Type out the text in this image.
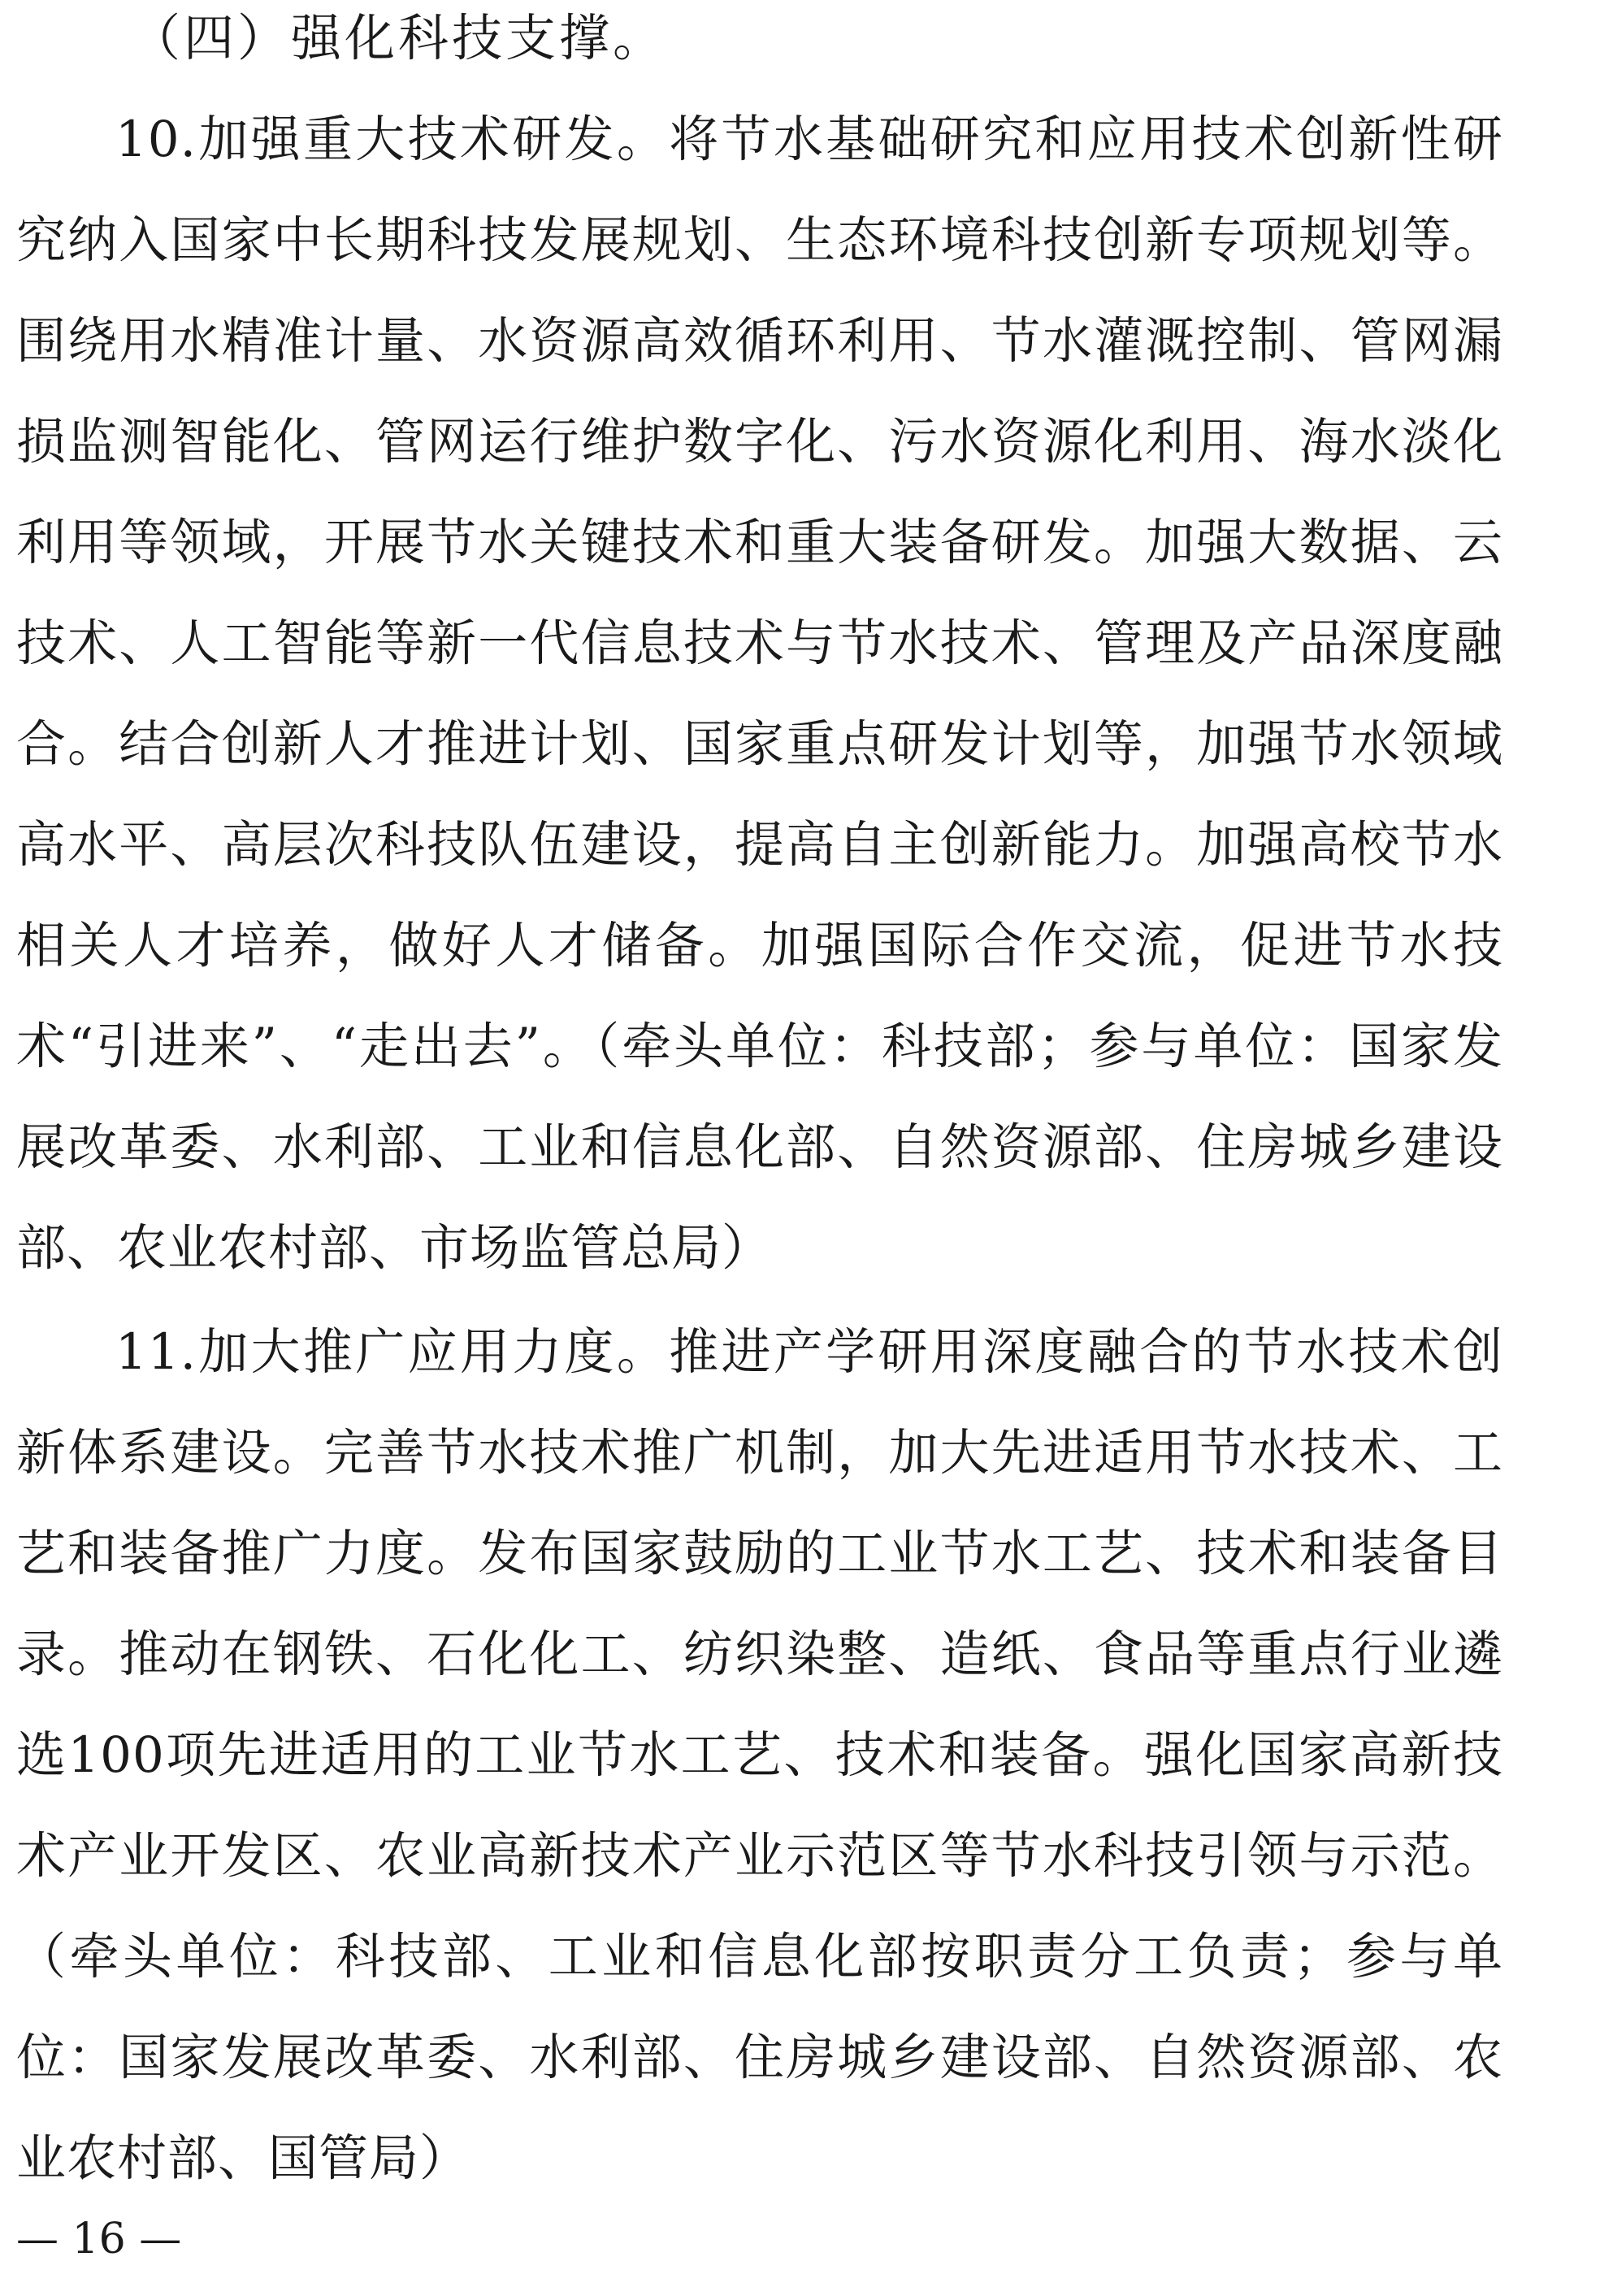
（四）强化科技支撑。

10.加强重大技术研发。将节水基础研究和应用技术创新性研究纳入国家中长期科技发展规划、生态环境科技创新专项规划等。围绕用水精准计量、水资源高效循环利用、节水灌溉控制、管网漏损监测智能化、管网运行维护数字化、污水资源化利用、海水淡化利用等领域，开展节水关键技术和重大装备研发。加强大数据、云技术、人工智能等新一代信息技术与节水技术、管理及产品深度融合。结合创新人才推进计划、国家重点研发计划等，加强节水领域高水平、高层次科技队伍建设，提高自主创新能力。加强高校节水相关人才培养，做好人才储备。加强国际合作交流，促进节水技术“引进来”、“走出去”。（牵头单位：科技部；参与单位：国家发展改革委、水利部、工业和信息化部、自然资源部、住房城乡建设部、农业农村部、市场监管总局）

11.加大推广应用力度。推进产学研用深度融合的节水技术创新体系建设。完善节水技术推广机制，加大先进适用节水技术、工艺和装备推广力度。发布国家鼓励的工业节水工艺、技术和装备目录。推动在钢铁、石化化工、纺织染整、造纸、食品等重点行业遴选100项先进适用的工业节水工艺、技术和装备。强化国家高新技术产业开发区、农业高新技术产业示范区等节水科技引领与示范。（牵头单位：科技部、工业和信息化部按职责分工负责；参与单位：国家发展改革委、水利部、住房城乡建设部、自然资源部、农业农村部、国管局）

— 16 —
